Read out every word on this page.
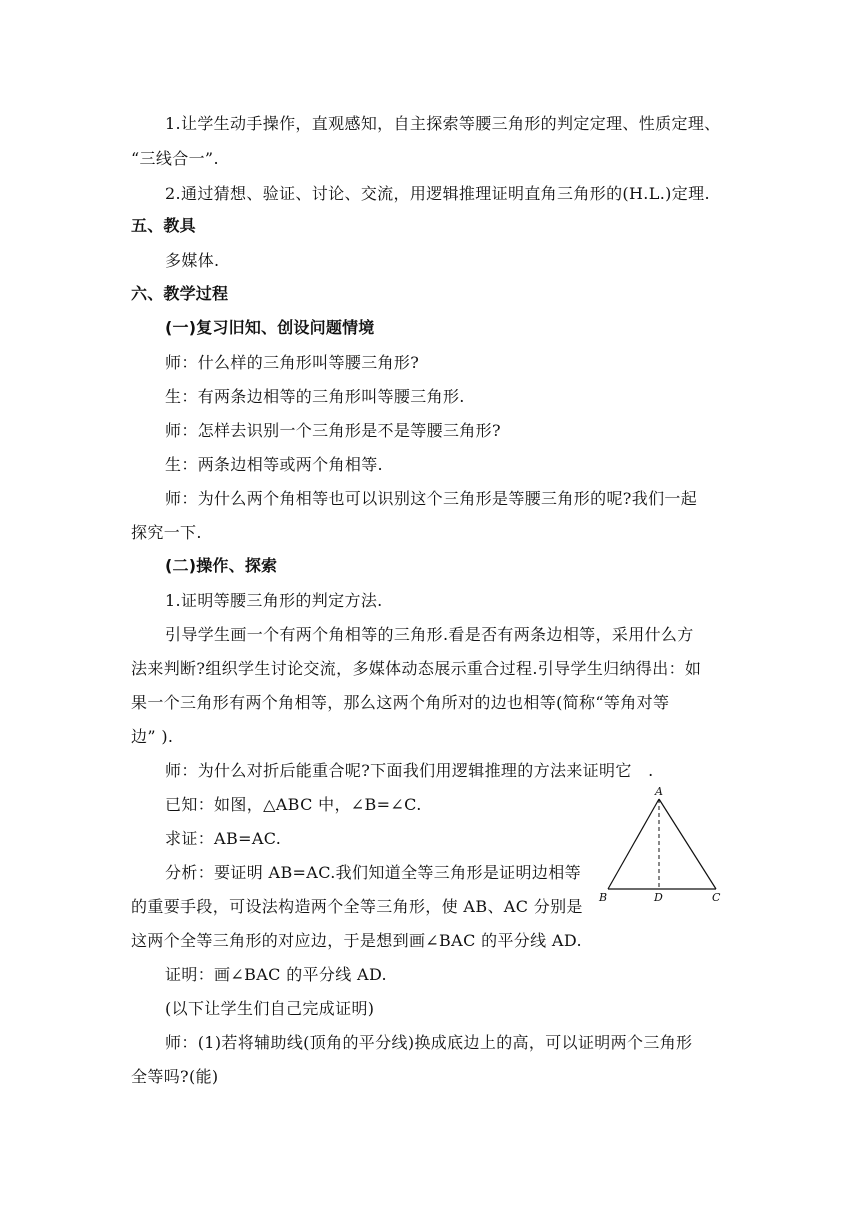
1.让学生动手操作，直观感知，自主探索等腰三角形的判定定理、性质定理、
“三线合一”.
2.通过猜想、验证、讨论、交流，用逻辑推理证明直角三角形的(H.L.)定理.
五、教具
多媒体.
六、教学过程
(一)复习旧知、创设问题情境
师：什么样的三角形叫等腰三角形?
生：有两条边相等的三角形叫等腰三角形.
师：怎样去识别一个三角形是不是等腰三角形?
生：两条边相等或两个角相等.
师：为什么两个角相等也可以识别这个三角形是等腰三角形的呢?我们一起
探究一下.
(二)操作、探索
1.证明等腰三角形的判定方法.
引导学生画一个有两个角相等的三角形.看是否有两条边相等，采用什么方
法来判断?组织学生讨论交流，多媒体动态展示重合过程.引导学生归纳得出：如
果一个三角形有两个角相等，那么这两个角所对的边也相等(简称“等角对等
边” ).
师：为什么对折后能重合呢?下面我们用逻辑推理的方法来证明它　.
已知：如图，△ABC 中，∠B=∠C.
求证：AB=AC.
分析：要证明 AB=AC.我们知道全等三角形是证明边相等
的重要手段，可设法构造两个全等三角形，使 AB、AC 分别是
这两个全等三角形的对应边，于是想到画∠BAC 的平分线 AD.
证明：画∠BAC 的平分线 AD.
(以下让学生们自己完成证明)
师：(1)若将辅助线(顶角的平分线)换成底边上的高，可以证明两个三角形
全等吗?(能)
A
B	C
D
